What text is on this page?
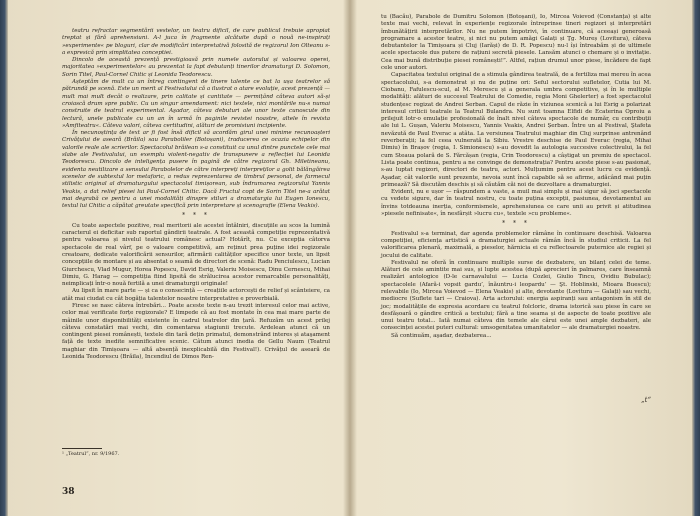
teatru refractar segmentării vestelor, un teatru dificil, de care publicul trebuie apropiat treptat și fără aprehensiuni. A-l juca în fragmente alcătuite după o nouă ne-inspirați »experimente« pe bloguri, clar de modificări interpretativă folosită de regizorul Ion Olteanu s-a expresică prin simplitatea conceptiei.

Dincolo de această prezență prestigioasă prin numele autorului și valoarea operei, majoritatea »experimentelor« au prezentat la fapt debutanți tinerilor dramaturgi D. Solomon, Sorin Titel, Paul-Cornel Chitic și Leonida Teodorescu.

Așteptăm de mult ca un întreg contingent de tinere talente ce bat la ușa teatrelor să pătrundă pe scenă. Este un merit al Festivalului că a ilustrat o atare evoluție, acest prezență — mult mai mult decât o realizare, prin calitate și cantitate — permițând câteva autori să-și croiască drum spre public. Cu un singur amendament: nici textele, nici montările nu-s numai construite de teatrul experimental. Aşadar, câteva debuturi ale unor texte cunoscute din lectură, unele publicate cu un an în urmă în paginile revistei noastre, altele în revista »Amfiteatru«. Câteva valori, câteva certitudini, alături de promisiuni incipiente.

În necunoștința de text ar fi fost însă dificil să acordăm girul unei minime recunoașteri Crivățului de aseară (Brăila) sau Paraboliler (Botoșani), traducerea ce ocazia echipelor din valorile reale ale scrierilor. Spectacolul brăilean s-a constituit ca unul dintre punctele cele mai slabe ale Festivalului, un exemplu violent-negativ de transpunere a reflecției lui Leonida Teodorescu. Dincolo de inteligența pusere în pagină de către regizorul Gh. Miletineanu, evidenta neutilizare a sensului Parabolelor de către interpreți interpreților a golit bălăngăirea scenelor de subtextul lor metaforic, a redus reprezentarea de timbrul personal, de farmecul stilistic original al dramaturgului spectacolul timișorean, sub îndrumarea regizorului Yannis Veakis, a dat relief piesei lui Paul-Cornel Chitic. Dacă Fructul copt de Sorin Titel ne-a arătat mai degrabă ce pentru a unei modalități dinspre stiluri a dramaturgia lui Eugen Ionescu, textul lui Chitic a căpătat greutate specifică prin interpretare și scenografie (Elena Veakis).

* * *

Cu toate aspectele pozitive, real meritorii ale acestei întâlniri, discuțiile au scos la lumină caracterul ei deficitar sub raportul gândirii teatrale. A fost această competiție reprezentativă pentru valoarea și nivelul teatrului românesc actual? Hotărît, nu. Cu excepția câtorva spectacole de real vârf, pe o valoare competitivă, am reținut prea puține idei regizorale creatoare, dedicate valorificării sensurilor, afirmării calităților specifice unor texte, un lipsit concepțiile de montare și au absentat o seamă de directori de scenă: Radu Penciulescu, Lucian Giurchescu, Vlad Mugur, Horea Popescu, David Esrig, Valeriu Moisescu, Dinu Cernescu, Mihai Dimiu, G. Harag — competiția fiind lipsită de strălucirea acestor remarcabile personalități, neimplicați într-o nouă fertilă a unei dramaturgii originale!

Au lipsit în mare parte — și ca o consecință — creațiile actorcești de relief și scânteiere, ca atât mai ciudat cu cât bogăția talentelor noastre interpretative e proverbială.

Firesc se nasc câteva întrebări... Poate aceste texte n-au trezit interesul celor mai active, celor mai verificate forțe regizorale? E limpede că au fost montate în cea mai mare parte de mâinile unor disponibilități existente în cadrul teatrelor din țară. Refuzăm un acest prilej câteva constatări mai vechi, din comentarea stagiunii trecute. Ardelean atunci că un contingent piesei românești, textele din tară dețin primatul, demonstrând interes și ataşament față de texte inedite semnificative scenic. Câtum atunci inedia de Gellu Naum (Teatrul maghiar din Timișoara — altă absență inexplicabilă din Festival!). Crivățul de aseară de Leonida Teodorescu (Brăila), Incendiul de Dimos Ren-

¹ „Teatrul”, nr. 9/1967.
38

tu (Bacău), Parabole de Dumitru Solomon (Botoșani), Io, Mircea Voievod (Constanța) și alte texte mai vechi, relevat în experiențe regizorale întreprinse tineri regizori și interpretări îmbunătățirii interpretărilor. Nu ne putem împotrivi, în continuare, că aceeași generoasă programare a acestor teatre, și nici nu putem amăgi Galați și Ţg. Mureș (Lovitura), câteva debutantelor la Timișoara și Cluj (Iarăși) de D. R. Popescu) nu-l își întreabăm și de ultimele acele spectacole dus putere de rațiuni secretă piesele. Lansăm atunci o chemare și o invitație. Cea mai bună distribuție piesei românești!”. Altfel, rațiun drumul unor piese, încădere de fapt cele unor autori.

Capacitatea textului original de a stimula gândirea teatrală, de a fertiliza mai mereu în acea spectacolului, s-a demonstrat și nu de puține ori: Seful sectorului sufletelor, Cutia lui M. Ciobanu, Fafulescu-scul, al M. Merescu și a generala umbra competitive, și în le multiple modalități: alături de succesul Teatrului de Comedie, regia Moni Ghelerter) a fost spectacolul studențesc regizat de Andrei Serban. Capul de răzie în viziunea scenică a lui Esrig a polarizat interesul criticii teatrale la Teatrul Bulandra. Nu sunt toamna Elfidi de Ecaterina Oproiu a prilejuit lotr-o emulație profesională de înalt nivel câteva spectacole de număr, cu contribuții ale lui L. Gușan, Valeriu Moisescu, Yannis Veakis, Andrei Șerban. Între un al Festival, Ştafeta nevăzută de Paul Everac a atâta. La versiunea Teatrului maghiar din Cluj surprinse antrenând reverberații; la fel ceea vulnerată la Sibiu. Vrestre deschise de Paul Everac (regia, Mihai Dimiu) în Brașov (regia, I. Simionescu) s-au dovedit la autologia succesive colectivului, la fel cum Steaua polară de S. Fărcășan (regia, Crin Teodorescu) a câștigat un premiu de spectacol. Lista poate continua, pentru a ne convinge de demonstrația? Pentru aceste piese s-au pasionat, s-au luptat regizori, directori de teatru, actori. Mulțumim pentru acest lucru cu evidență. Aşadar, cât valorile sunt prezente, nevoia sunt încă capabile să se afirme, adăcând mai puțin primează? Să discutăm deschis și să căutăm căi noi de dezvoltare a dramaturgiei.

Evident, nu e ușor — răspundem a vaste, a muil mai simplu și mai sigur să joci spectacole cu vedete sigure, dar în teatrul nostru, cu toate puțina excepții, pasiunea, devotamentul au învins totdeauna inerția, conformismele, aprehensiunea ce care unii au privit și atitudinea »piesele nefinisate«, în nesfârșit »lucru cu«, textele »cu probleme«.

* * *

Festivalul s-a terminat, dar agenda problemelor rămâne în continuare deschisă. Valoarea competiției, eficiența artistică a dramaturgiei actuale rămân încă în studiul criticii. La fel valorificarea plenară, maximală, a pieselor, hărnicia ei cu reflectoarele puternice ale regiei și jocului de calitate.

Festivalul ne oferă în continuare multiple surse de dezbatere, un bilanț celei de teme. Alături de cele amintite mai sus, și lupte acestea (după aprecieri în palmares, care înseamnă realizări antologice (D-le carnavalului — Lucia Cozlei, Giulio Tincu, Ovidiu Bubulac); spectacolele (Afară-i vopsit gardu’, înăuntru-i leopardu’ — Şt. Hoblinski, Mioara Buescu); relevabile (Io, Mircea Voievod — Elena Veakis) și alte, devotante (Lovitura — Galați) sau vechi, mediocre (Suflete tari — Craiova). Arta actorului: energia aspiranți sau antagonism în stil de joc; modalitățile de expresia acordare cu teatrul folcloric, drama istorică sau piese în care se desfășoară o gândire critică a textului; fără a tine seama și de aspecte de toate pozitive ale unui teatru total... Iată numai câteva din temele ale cărui este unei ample dezbateri, ale consecinței acestei puteri cultural: umsogenitatea umanitatelor — ale dramaturgiei noastre.

Să continuăm, aşadar, dezbaterea...

„t“
